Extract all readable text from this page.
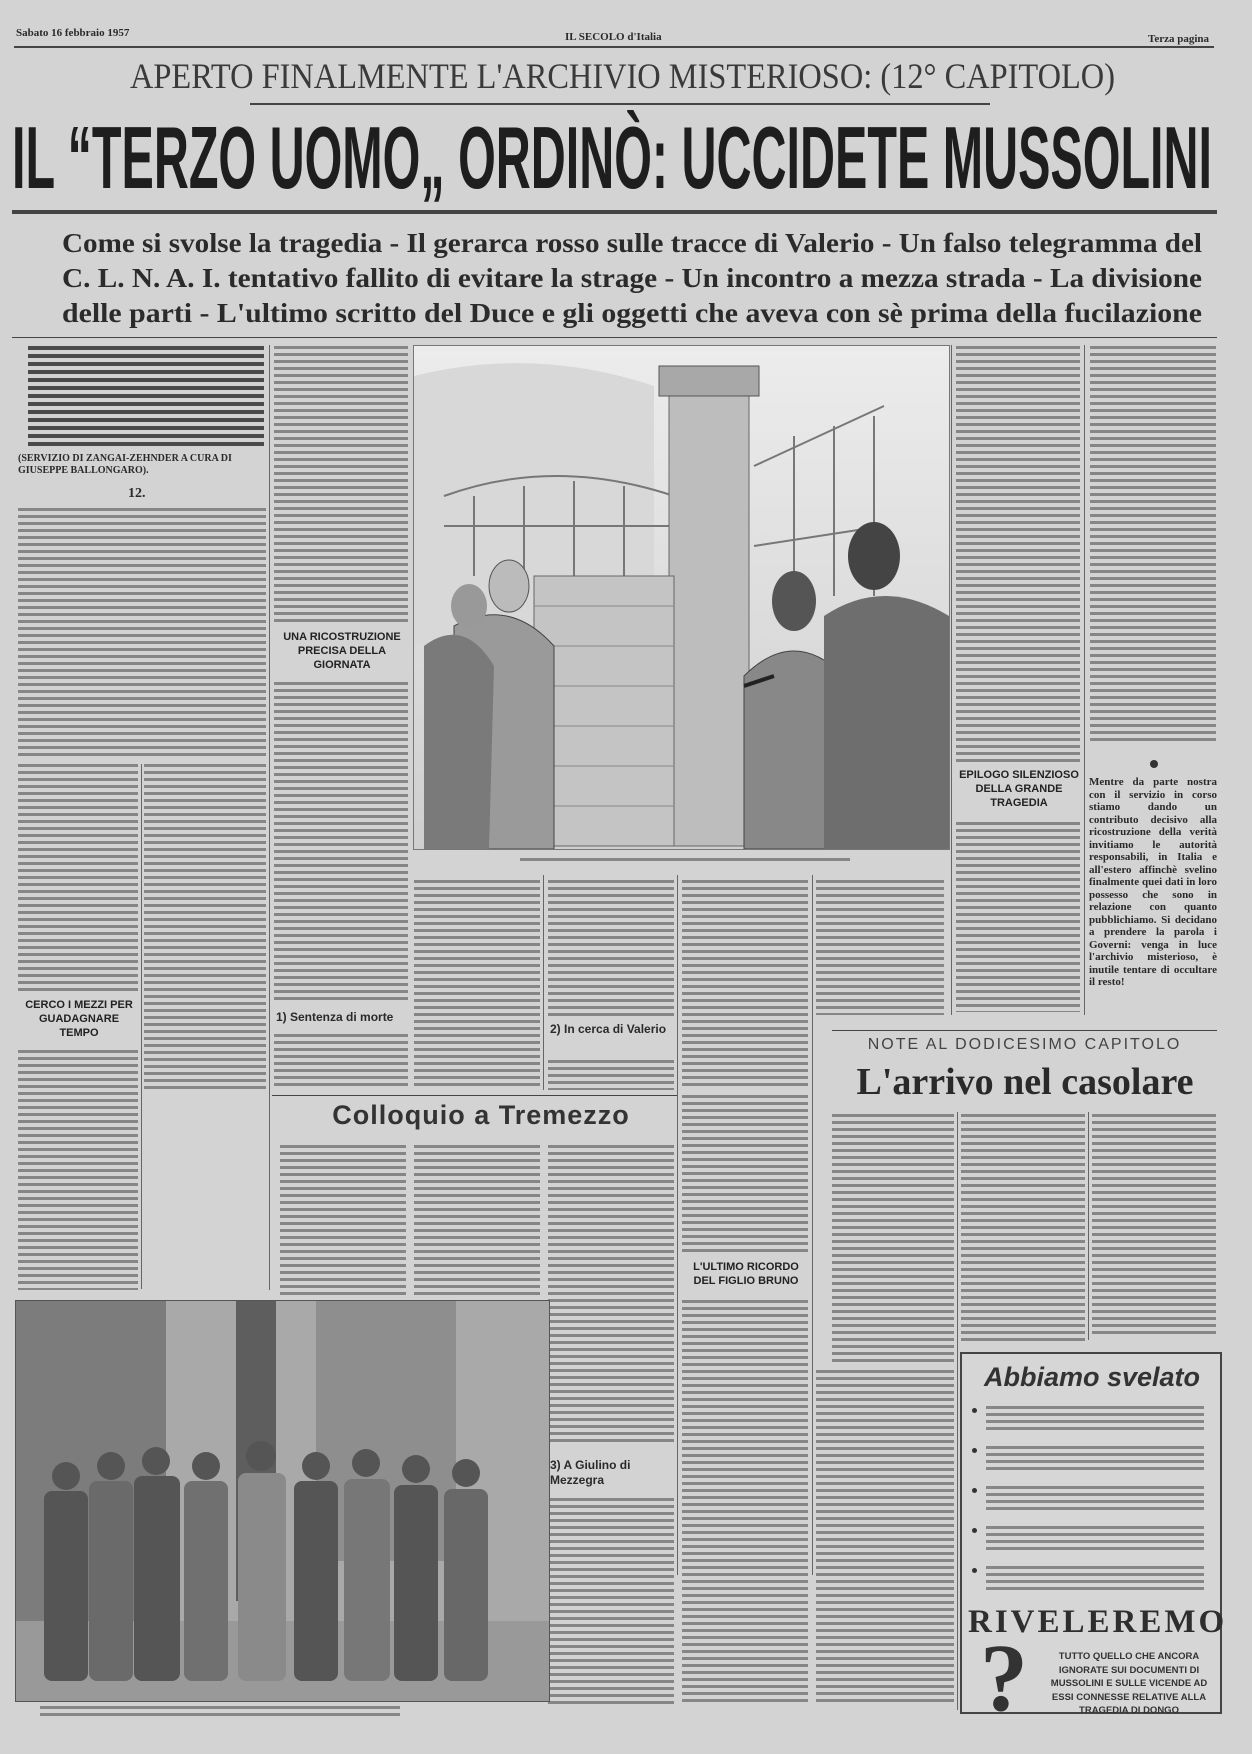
Sabato 16 febbraio 1957	IL SECOLO d'Italia	Terza pagina
APERTO FINALMENTE L'ARCHIVIO MISTERIOSO: (12° CAPITOLO)
IL “TERZO UOMO„ ORDINÒ: UCCIDETE MUSSOLINI
Come si svolse la tragedia - Il gerarca rosso sulle tracce di Valerio - Un falso telegramma del
C. L. N. A. I. tentativo fallito di evitare la strage - Un incontro a mezza strada - La divisione
delle parti - L'ultimo scritto del Duce e gli oggetti che aveva con sè prima della fucilazione
(SERVIZIO DI ZANGAI-ZEHNDER A CURA DI GIUSEPPE BALLONGARO).
12.
CERCO I MEZZI PER GUADAGNARE TEMPO
UNA RICOSTRUZIONE PRECISA DELLA GIORNATA
1) Sentenza di morte
EPILOGO SILENZIOSO DELLA GRANDE TRAGEDIA
Mentre da parte nostra con il servizio in corso stiamo dando un contributo decisivo alla ricostruzione della verità invitiamo le autorità responsabili, in Italia e all'estero affinchè svelino finalmente quei dati in loro possesso che sono in relazione con quanto pubblichiamo. Si decidano a prendere la parola i Governi: venga in luce l'archivio misterioso, è inutile tentare di occultare il resto!
2) In cerca di Valerio
Colloquio a Tremezzo
3) A Giulino di Mezzegra
L'ULTIMO RICORDO DEL FIGLIO BRUNO
NOTE AL DODICESIMO CAPITOLO
L'arrivo nel casolare
Abbiamo svelato
RIVELEREMO
?	TUTTO QUELLO CHE ANCORA IGNORATE SUI DOCUMENTI DI MUSSOLINI E SULLE VICENDE AD ESSI CONNESSE RELATIVE ALLA TRAGEDIA DI DONGO
